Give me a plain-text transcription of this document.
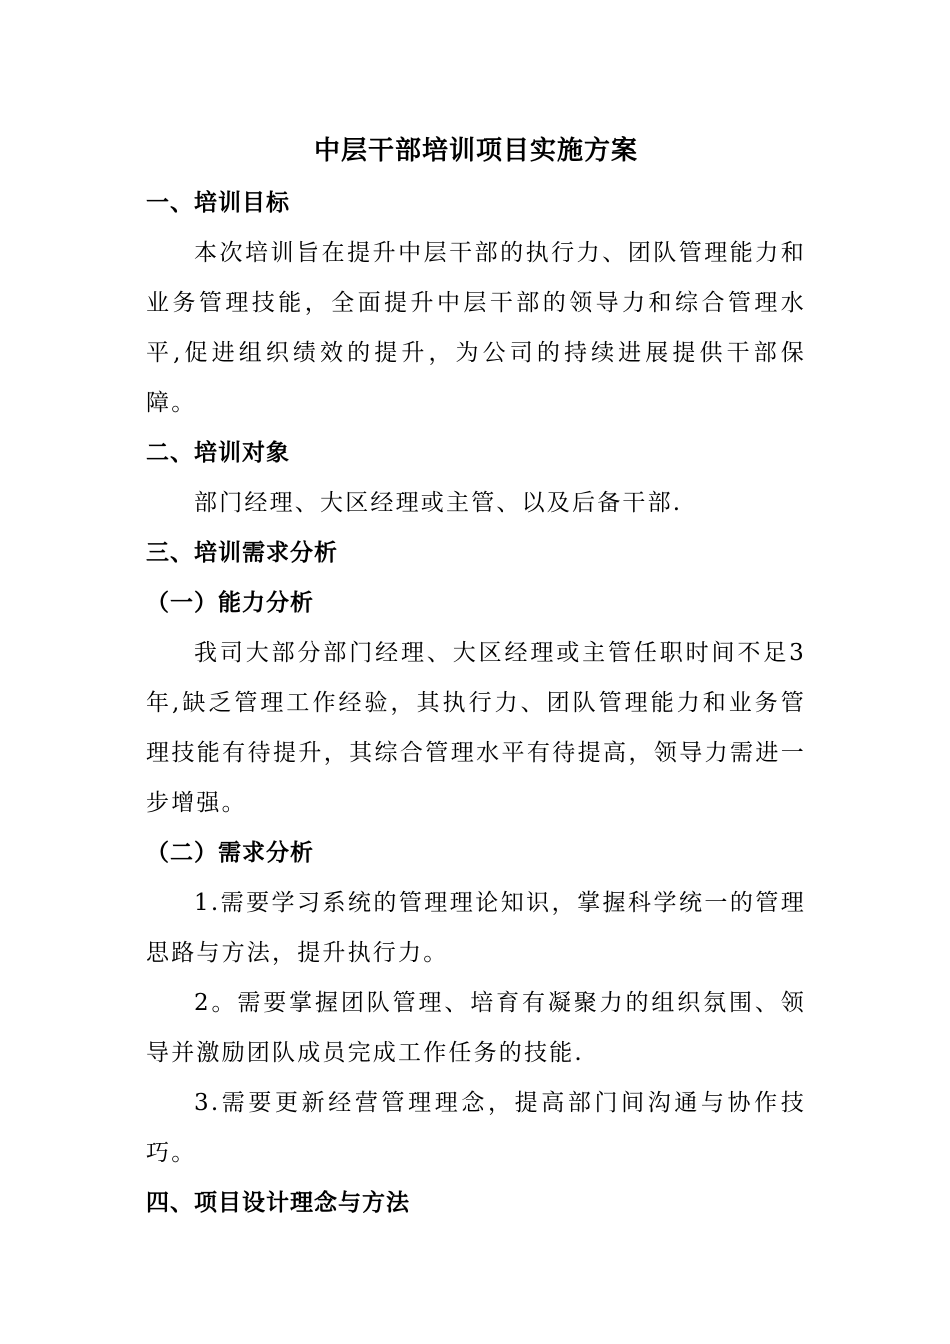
中层干部培训项目实施方案
一、培训目标

本次培训旨在提升中层干部的执行力、团队管理能力和业务管理技能，全面提升中层干部的领导力和综合管理水平,促进组织绩效的提升，为公司的持续进展提供干部保障。

二、培训对象

部门经理、大区经理或主管、以及后备干部.

三、培训需求分析
（一）能力分析

我司大部分部门经理、大区经理或主管任职时间不足3年,缺乏管理工作经验，其执行力、团队管理能力和业务管理技能有待提升，其综合管理水平有待提高，领导力需进一步增强。

（二）需求分析

1.需要学习系统的管理理论知识，掌握科学统一的管理思路与方法，提升执行力。

2。需要掌握团队管理、培育有凝聚力的组织氛围、领导并激励团队成员完成工作任务的技能.

3.需要更新经营管理理念，提高部门间沟通与协作技巧。

四、项目设计理念与方法
